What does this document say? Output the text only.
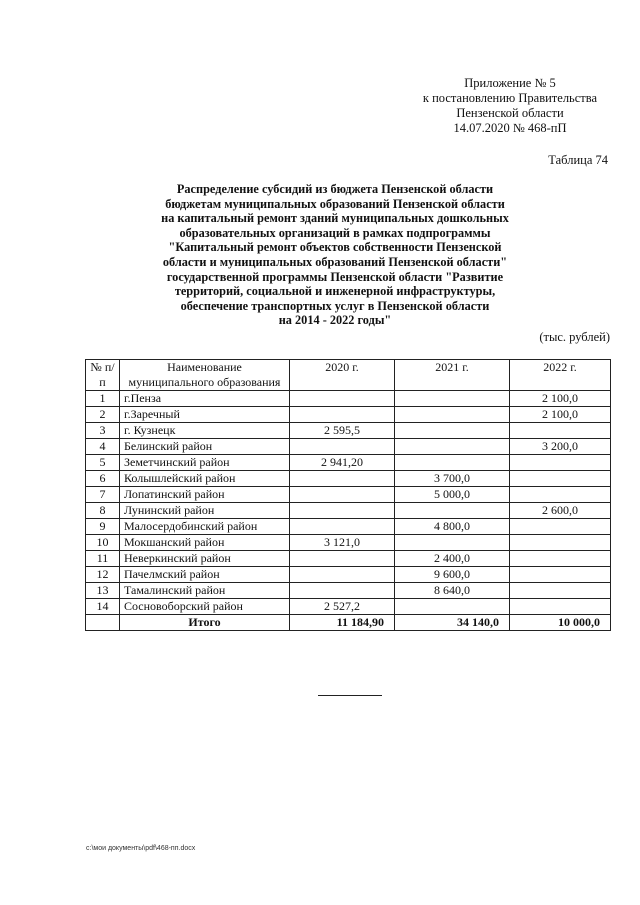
Приложение № 5
к постановлению Правительства
Пензенской области
14.07.2020 № 468-пП
Таблица 74
Распределение субсидий из бюджета Пензенской области
бюджетам муниципальных образований Пензенской области
на капитальный ремонт зданий муниципальных дошкольных
образовательных организаций в рамках подпрограммы
"Капитальный ремонт объектов собственности Пензенской
области и муниципальных образований Пензенской области"
государственной программы Пензенской области "Развитие
территорий, социальной и инженерной инфраструктуры,
обеспечение транспортных услуг в Пензенской области
на 2014 - 2022 годы"
(тыс. рублей)
№ п/п	Наименование муниципального образования	2020 г.	2021 г.	2022 г.
1	г.Пенза			2 100,0
2	г.Заречный			2 100,0
3	г. Кузнецк	2 595,5		
4	Белинский район			3 200,0
5	Земетчинский район	2 941,20		
6	Колышлейский район		3 700,0	
7	Лопатинский район		5 000,0	
8	Лунинский район			2 600,0
9	Малосердобинский район		4 800,0	
10	Мокшанский район	3 121,0		
11	Неверкинский район		2 400,0	
12	Пачелмский район		9 600,0	
13	Тамалинский район		8 640,0	
14	Сосновоборский район	2 527,2		
	Итого	11 184,90	34 140,0	10 000,0
c:\мои документы\pdf\468-пп.docx
